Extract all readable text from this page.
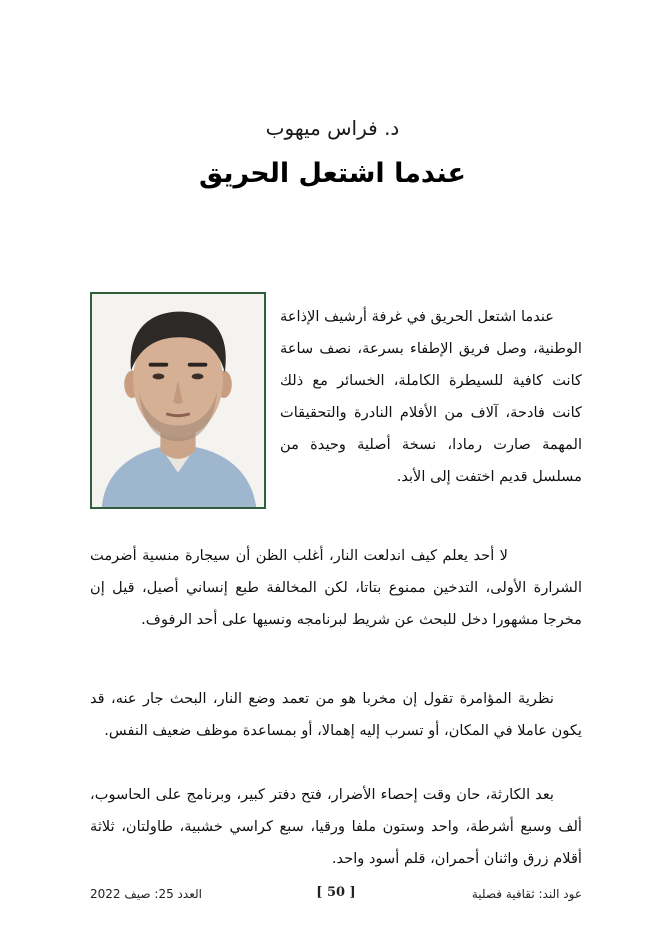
د. فراس ميهوب
عندما اشتعل الحريق

عندما اشتعل الحريق في غرفة أرشيف الإذاعة الوطنية، وصل فريق الإطفاء بسرعة، نصف ساعة كانت كافية للسيطرة الكاملة، الخسائر مع ذلك كانت فادحة، آلاف من الأفلام النادرة والتحقيقات المهمة صارت رمادا، نسخة أصلية وحيدة من مسلسل قديم اختفت إلى الأبد.

لا أحد يعلم كيف اندلعت النار، أغلب الظن أن سيجارة منسية أضرمت الشرارة الأولى، التدخين ممنوع بتاتا، لكن المخالفة طبع إنساني أصيل، قيل إن مخرجا مشهورا دخل للبحث عن شريط لبرنامجه ونسيها على أحد الرفوف.

نظرية المؤامرة تقول إن مخربا هو من تعمد وضع النار، البحث جار عنه، قد يكون عاملا في المكان، أو تسرب إليه إهمالا، أو بمساعدة موظف ضعيف النفس.

بعد الكارثة، حان وقت إحصاء الأضرار، فتح دفتر كبير، وبرنامج على الحاسوب، ألف وسبع أشرطة، واحد وستون ملفا ورقيا، سبع كراسي خشبية، طاولتان، ثلاثة أقلام زرق واثنان أحمران، قلم أسود واحد.

عود الند: ثقافية فصلية
[ 50 ]
العدد 25: صيف 2022
